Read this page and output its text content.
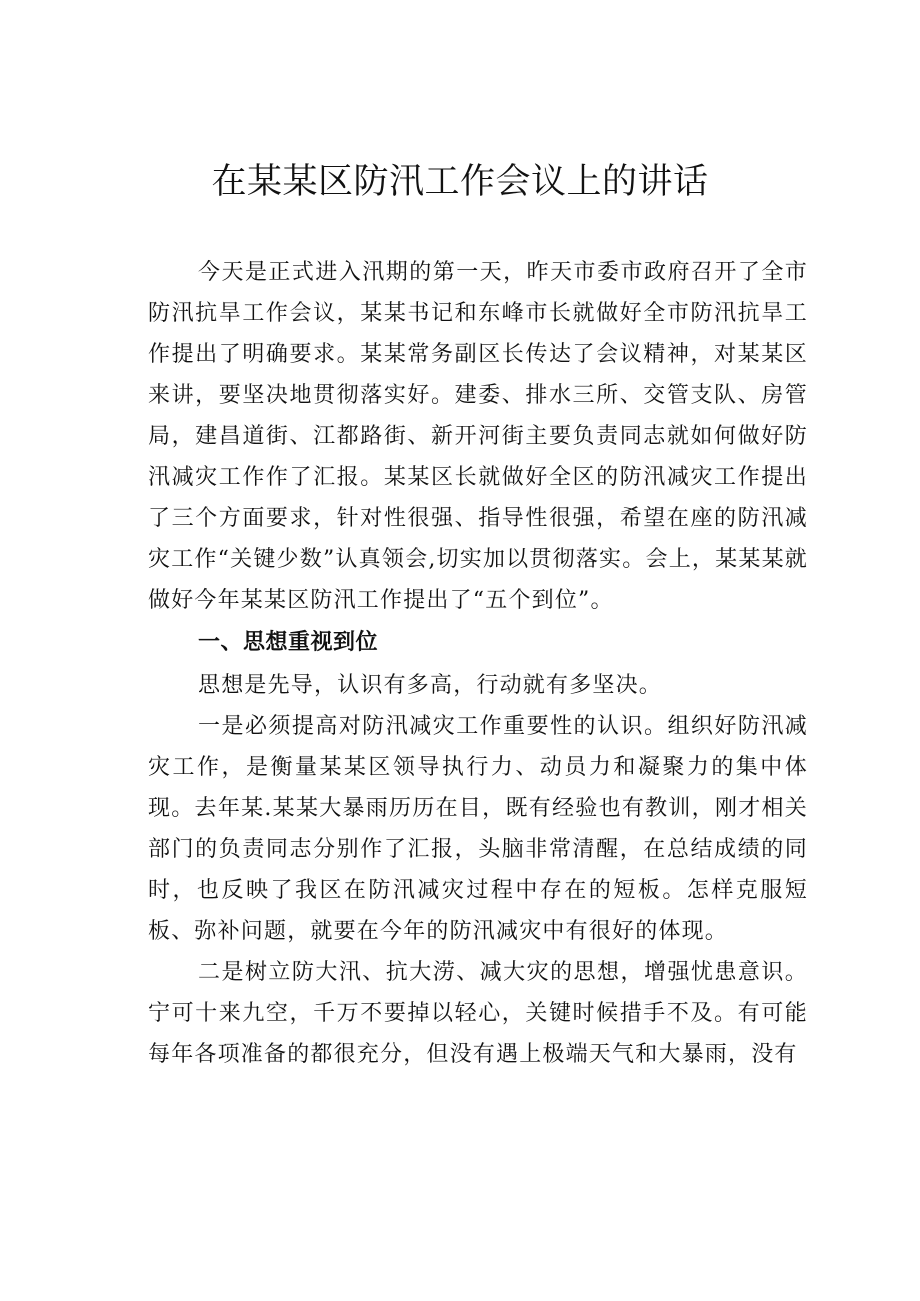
在某某区防汛工作会议上的讲话

今天是正式进入汛期的第一天，昨天市委市政府召开了全市防汛抗旱工作会议，某某书记和东峰市长就做好全市防汛抗旱工作提出了明确要求。某某常务副区长传达了会议精神，对某某区来讲，要坚决地贯彻落实好。建委、排水三所、交管支队、房管局，建昌道街、江都路街、新开河街主要负责同志就如何做好防汛减灾工作作了汇报。某某区长就做好全区的防汛减灾工作提出了三个方面要求，针对性很强、指导性很强，希望在座的防汛减灾工作“关键少数”认真领会,切实加以贯彻落实。会上，某某某就做好今年某某区防汛工作提出了“五个到位”。

一、思想重视到位

思想是先导，认识有多高，行动就有多坚决。

一是必须提高对防汛减灾工作重要性的认识。组织好防汛减灾工作，是衡量某某区领导执行力、动员力和凝聚力的集中体现。去年某.某某大暴雨历历在目，既有经验也有教训，刚才相关部门的负责同志分别作了汇报，头脑非常清醒，在总结成绩的同时，也反映了我区在防汛减灾过程中存在的短板。怎样克服短板、弥补问题，就要在今年的防汛减灾中有很好的体现。

二是树立防大汛、抗大涝、减大灾的思想，增强忧患意识。宁可十来九空，千万不要掉以轻心，关键时候措手不及。有可能每年各项准备的都很充分，但没有遇上极端天气和大暴雨，没有
